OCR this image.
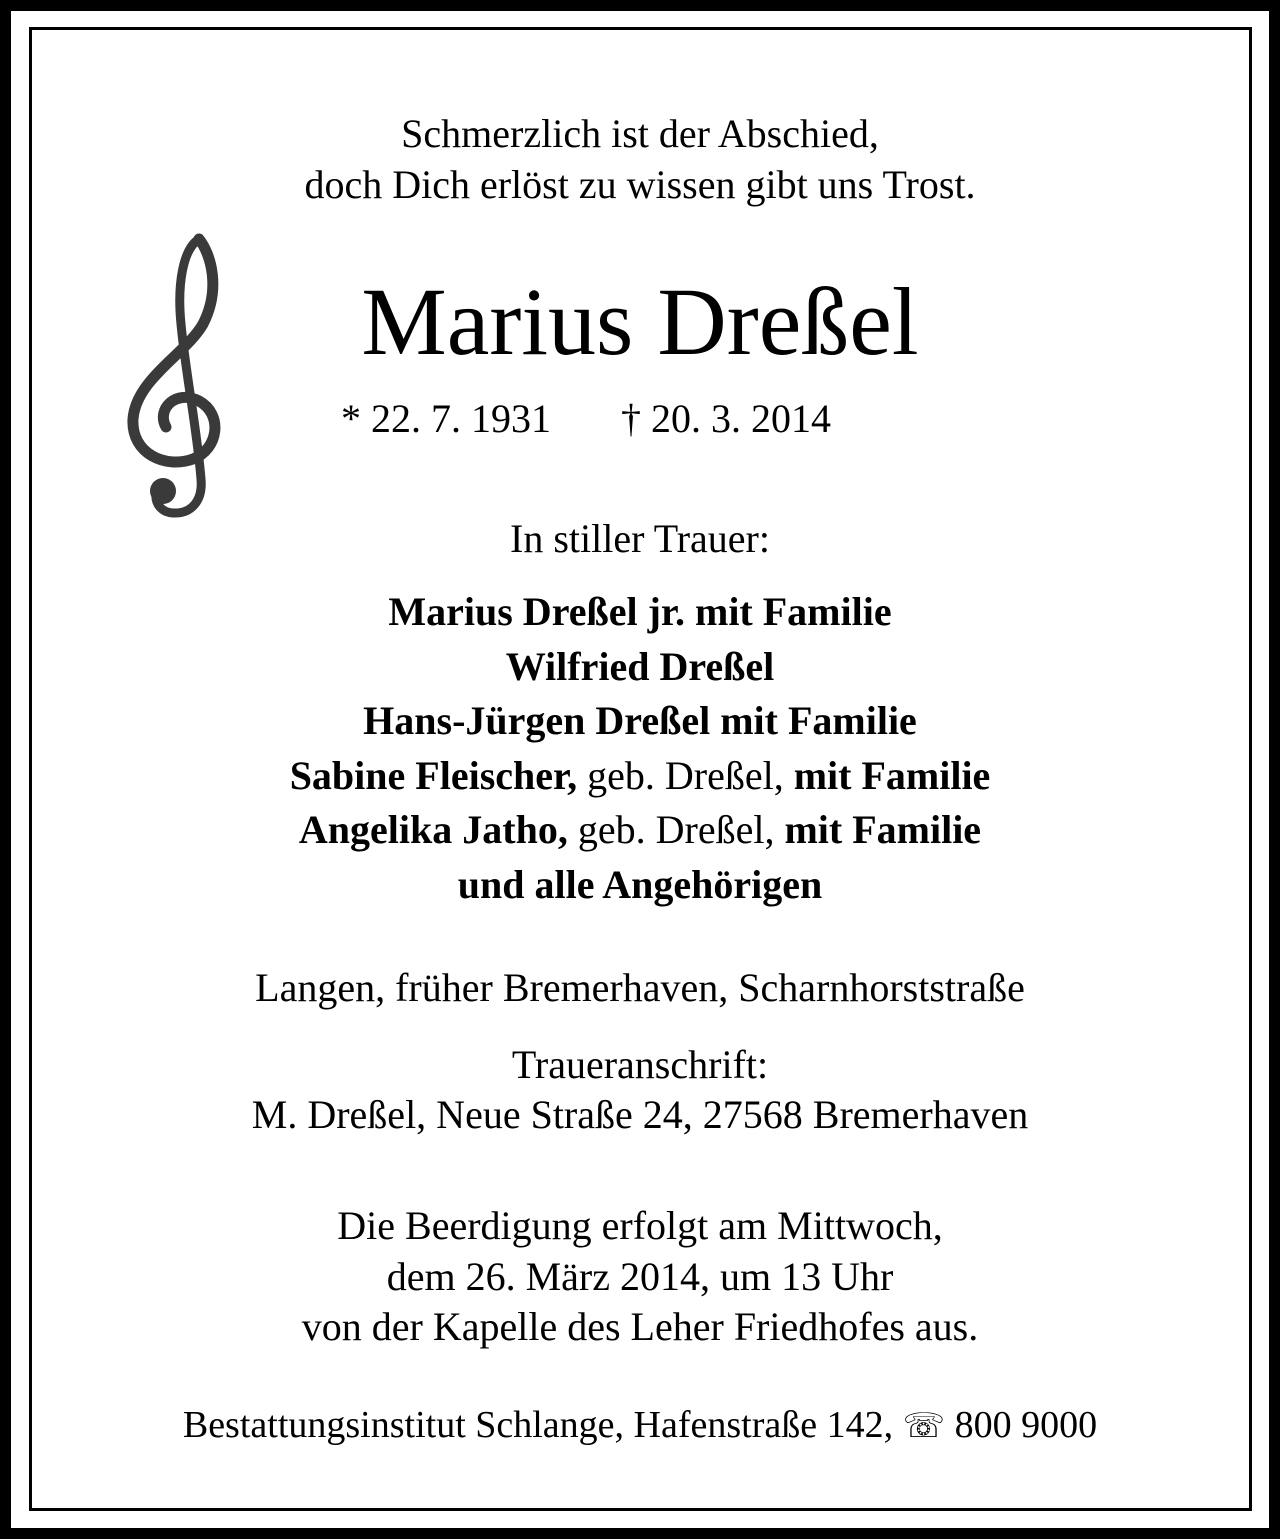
Schmerzlich ist der Abschied,
doch Dich erlöst zu wissen gibt uns Trost.
Marius Dreßel
* 22. 7. 1931 † 20. 3. 2014
In stiller Trauer:
Marius Dreßel jr. mit Familie
Wilfried Dreßel
Hans-Jürgen Dreßel mit Familie
Sabine Fleischer, geb. Dreßel, mit Familie
Angelika Jatho, geb. Dreßel, mit Familie
und alle Angehörigen
Langen, früher Bremerhaven, Scharnhorststraße
Traueranschrift:
M. Dreßel, Neue Straße 24, 27568 Bremerhaven
Die Beerdigung erfolgt am Mittwoch,
dem 26. März 2014, um 13 Uhr
von der Kapelle des Leher Friedhofes aus.
Bestattungsinstitut Schlange, Hafenstraße 142, ☏ 800 9000
